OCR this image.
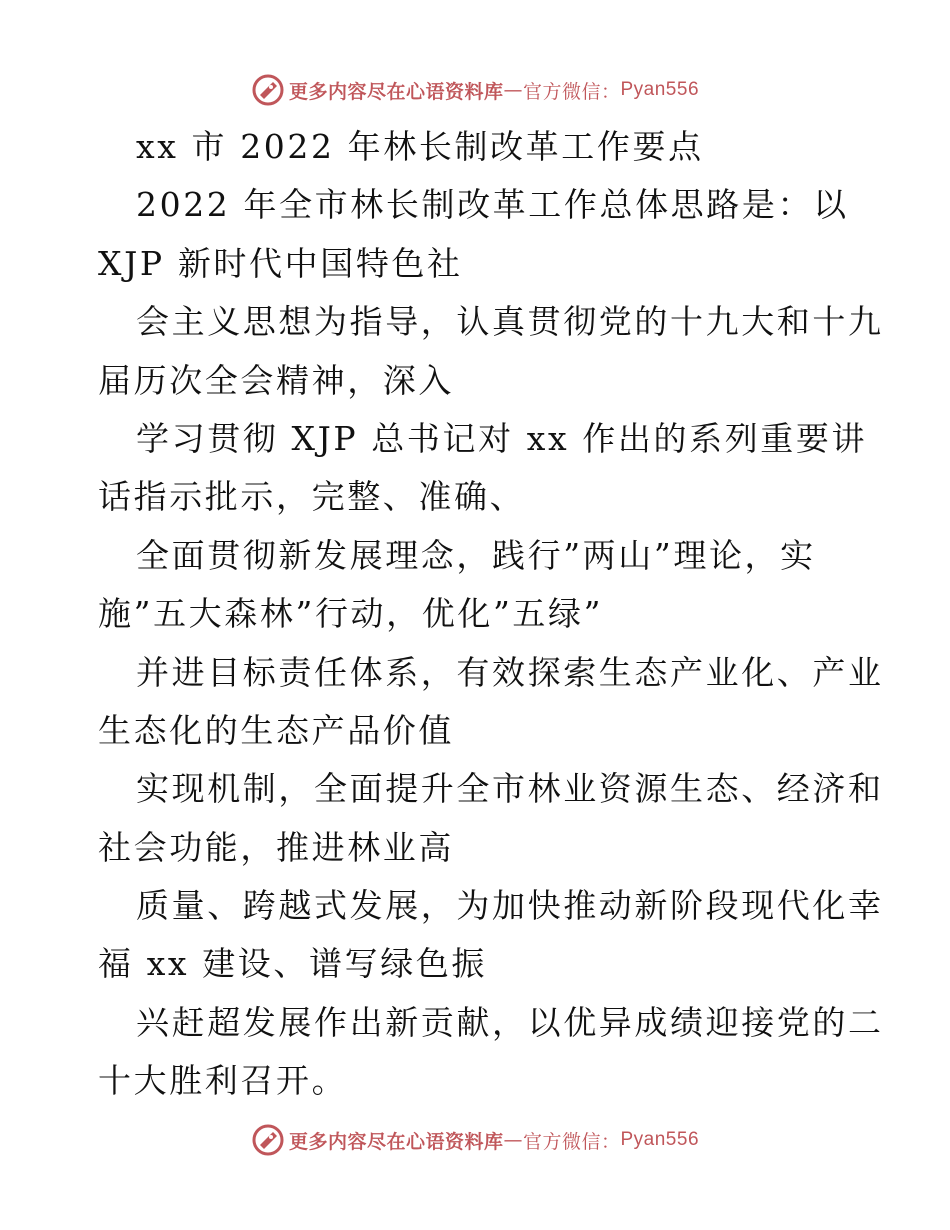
更多内容尽在心语资料库 — 官方微信： Pyan556
xx 市 2022 年林长制改革工作要点
2022 年全市林长制改革工作总体思路是：以
XJP 新时代中国特色社
会主义思想为指导，认真贯彻党的十九大和十九
届历次全会精神，深入
学习贯彻 XJP 总书记对 xx 作出的系列重要讲
话指示批示，完整、准确、
全面贯彻新发展理念，践行”两山”理论，实
施”五大森林”行动，优化”五绿”
并进目标责任体系，有效探索生态产业化、产业
生态化的生态产品价值
实现机制，全面提升全市林业资源生态、经济和
社会功能，推进林业高
质量、跨越式发展，为加快推动新阶段现代化幸
福 xx 建设、谱写绿色振
兴赶超发展作出新贡献，以优异成绩迎接党的二
十大胜利召开。
更多内容尽在心语资料库 — 官方微信： Pyan556
